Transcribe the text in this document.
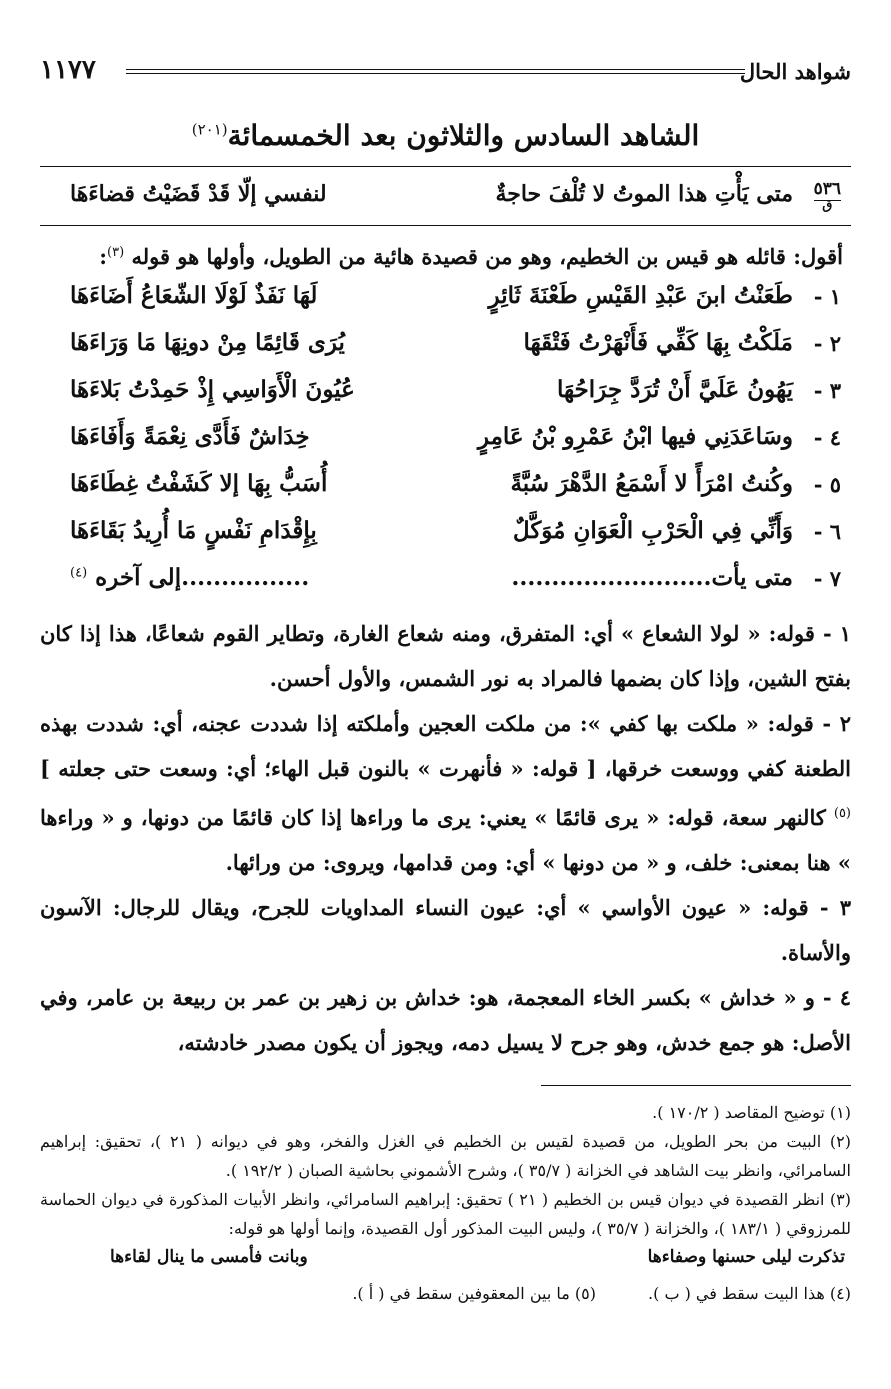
شواهد الحال
١١٧٧
الشاهد السادس والثلاثون بعد الخمسمائة$^{(٢٠١)}$
٥٣٦
ق
متى يَأْتِ هذا الموتُ لا تُلْفَ حاجةٌ
لنفسي إلّا قَدْ قَضَيْتُ قضاءَهَا
أقول: قائله هو قيس بن الخطيم، وهو من قصيدة هائية من الطويل، وأولها هو قوله $^{(٣)}$:
١ -
طَعَنْتُ ابنَ عَبْدِ القَيْسِ طَعْنَةَ ثَائِرٍ
لَهَا نَفَذٌ لَوْلَا الشّعَاعُ أَضَاءَهَا
٢ -
مَلَكْتُ بِهَا كَفِّي فَأَنْهَرْتُ فَتْقَهَا
يُرَى قَائِمًا مِنْ دونِهَا مَا وَرَاءَهَا
٣ -
يَهُونُ عَلَيَّ أَنْ تُرَدَّ جِرَاحُهَا
عُيُونَ الْأَوَاسِي إِذْ حَمِدْتُ بَلاءَهَا
٤ -
وسَاعَدَنِي فيها ابْنُ عَمْرِو بْنُ عَامِرٍ
خِدَاشٌ فَأَدَّى نِعْمَةً وَأَفَاءَهَا
٥ -
وكُنتُ امْرَأً لا أَسْمَعُ الدَّهْرَ سُبَّةً
أُسَبُّ بِهَا إلا كَشَفْتُ غِطَاءَهَا
٦ -
وَأَنِّي فِي الْحَرْبِ الْعَوَانِ مُوَكَّلٌ
بِإِقْدَامِ نَفْسٍ مَا أُرِيدُ بَقَاءَهَا
٧ -
متى يأت.........................
................إلى آخره $^{(٤)}$

١ - قوله: « لولا الشعاع » أي: المتفرق، ومنه شعاع الغارة، وتطاير القوم شعاعًا، هذا إذا كان بفتح الشين، وإذا كان بضمها فالمراد به نور الشمس، والأول أحسن.

٢ - قوله: « ملكت بها كفي »: من ملكت العجين وأملكته إذا شددت عجنه، أي: شددت بهذه الطعنة كفي ووسعت خرقها، [ قوله: « فأنهرت » بالنون قبل الهاء؛ أي: وسعت حتى جعلته ] $^{(٥)}$ كالنهر سعة، قوله: « يرى قائمًا » يعني: يرى ما وراءها إذا كان قائمًا من دونها، و « وراءها » هنا بمعنى: خلف، و « من دونها » أي: ومن قدامها، ويروى: من ورائها.

٣ - قوله: « عيون الأواسي » أي: عيون النساء المداويات للجرح، ويقال للرجال: الآسون والأساة.

٤ - و « خداش » بكسر الخاء المعجمة، هو: خداش بن زهير بن عمر بن ربيعة بن عامر، وفي الأصل: هو جمع خدش، وهو جرح لا يسيل دمه، ويجوز أن يكون مصدر خادشته،

(١) توضيح المقاصد ( ١٧٠/٢ ).

(٢) البيت من بحر الطويل، من قصيدة لقيس بن الخطيم في الغزل والفخر، وهو في ديوانه ( ٢١ )، تحقيق: إبراهيم السامرائي، وانظر بيت الشاهد في الخزانة ( ٣٥/٧ )، وشرح الأشموني بحاشية الصبان ( ١٩٢/٢ ).

(٣) انظر القصيدة في ديوان قيس بن الخطيم ( ٢١ ) تحقيق: إبراهيم السامرائي، وانظر الأبيات المذكورة في ديوان الحماسة للمرزوقي ( ١٨٣/١ )، والخزانة ( ٣٥/٧ )، وليس البيت المذكور أول القصيدة، وإنما أولها هو قوله:

تذكرت ليلى حسنها وصفاءها
وبانت فأمسى ما ينال لقاءها
(٤) هذا البيت سقط في ( ب ).
(٥) ما بين المعقوفين سقط في ( أ ).
